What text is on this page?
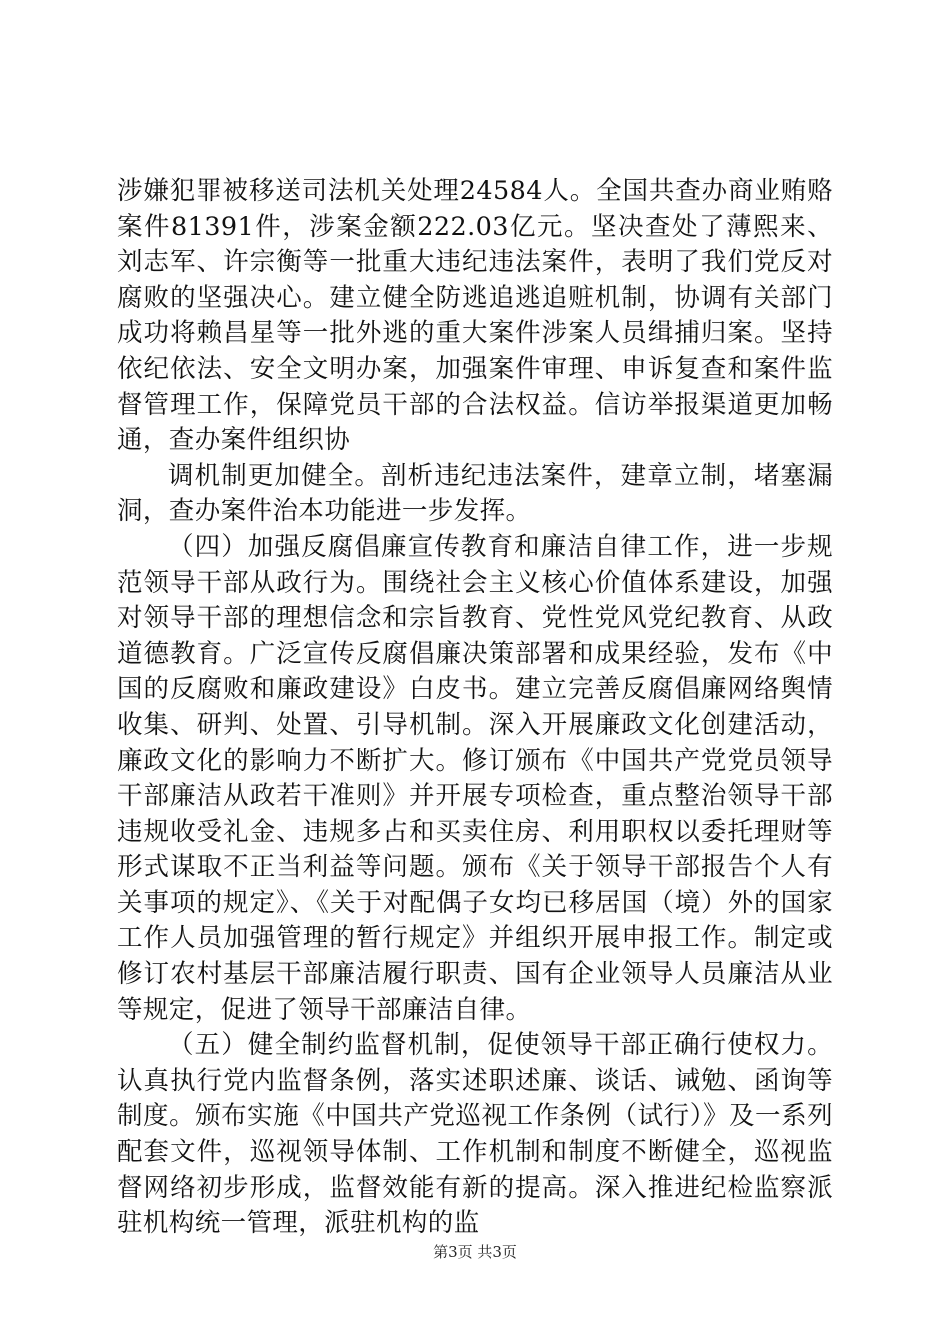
涉嫌犯罪被移送司法机关处理24584人。全国共查办商业贿赂案件81391件，涉案金额222.03亿元。坚决查处了薄熙来、刘志军、许宗衡等一批重大违纪违法案件，表明了我们党反对腐败的坚强决心。建立健全防逃追逃追赃机制，协调有关部门成功将赖昌星等一批外逃的重大案件涉案人员缉捕归案。坚持依纪依法、安全文明办案，加强案件审理、申诉复查和案件监督管理工作，保障党员干部的合法权益。信访举报渠道更加畅通，查办案件组织协

调机制更加健全。剖析违纪违法案件，建章立制，堵塞漏洞，查办案件治本功能进一步发挥。

（四）加强反腐倡廉宣传教育和廉洁自律工作，进一步规范领导干部从政行为。围绕社会主义核心价值体系建设，加强对领导干部的理想信念和宗旨教育、党性党风党纪教育、从政道德教育。广泛宣传反腐倡廉决策部署和成果经验，发布《中国的反腐败和廉政建设》白皮书。建立完善反腐倡廉网络舆情收集、研判、处置、引导机制。深入开展廉政文化创建活动，廉政文化的影响力不断扩大。修订颁布《中国共产党党员领导干部廉洁从政若干准则》并开展专项检查，重点整治领导干部违规收受礼金、违规多占和买卖住房、利用职权以委托理财等形式谋取不正当利益等问题。颁布《关于领导干部报告个人有关事项的规定》、《关于对配偶子女均已移居国（境）外的国家工作人员加强管理的暂行规定》并组织开展申报工作。制定或修订农村基层干部廉洁履行职责、国有企业领导人员廉洁从业等规定，促进了领导干部廉洁自律。

（五）健全制约监督机制，促使领导干部正确行使权力。认真执行党内监督条例，落实述职述廉、谈话、诫勉、函询等制度。颁布实施《中国共产党巡视工作条例（试行）》及一系列配套文件，巡视领导体制、工作机制和制度不断健全，巡视监督网络初步形成，监督效能有新的提高。深入推进纪检监察派驻机构统一管理，派驻机构的监

第3页 共3页
